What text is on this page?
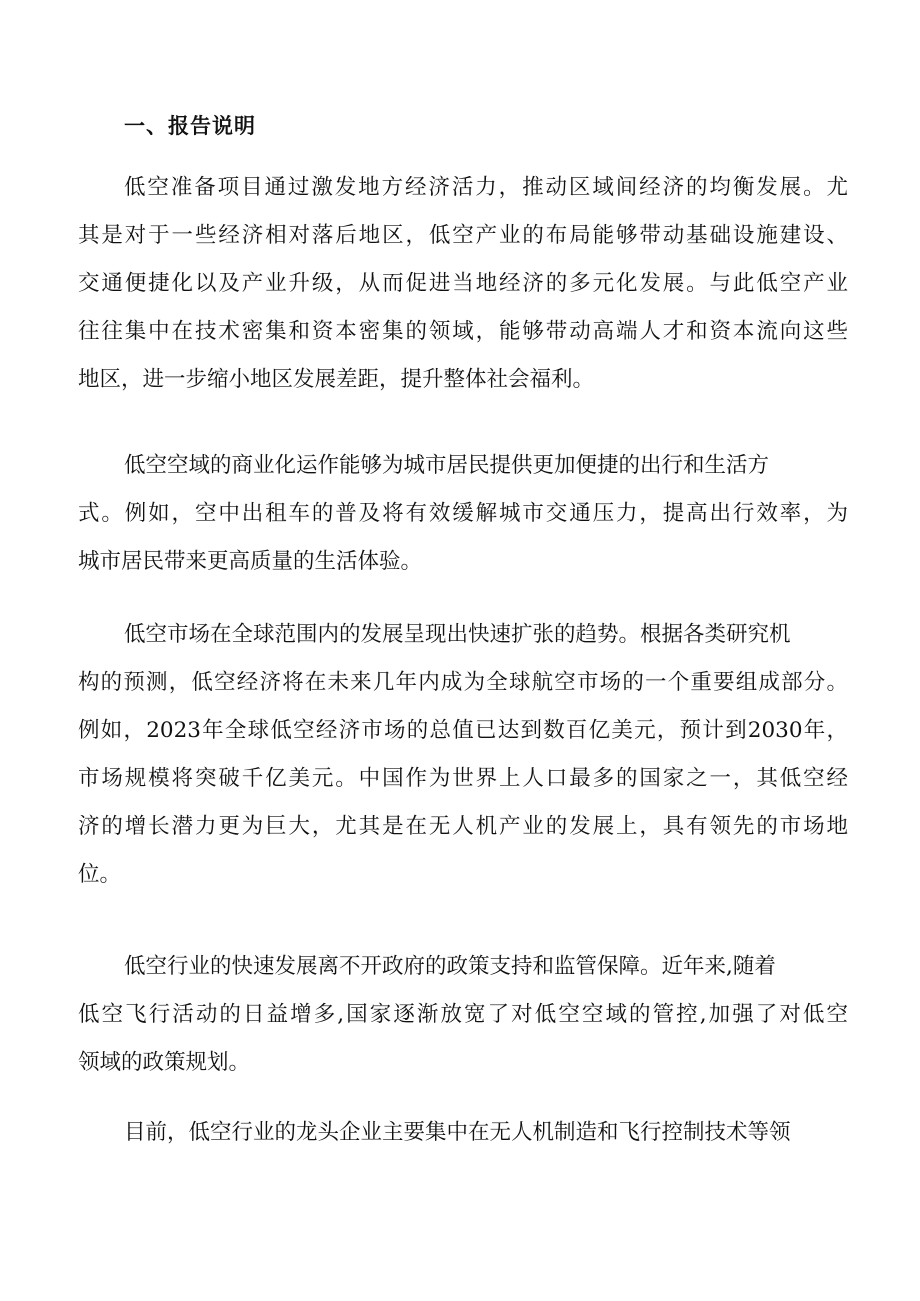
一、报告说明
低空准备项目通过激发地方经济活力，推动区域间经济的均衡发展。尤
其是对于一些经济相对落后地区，低空产业的布局能够带动基础设施建设、
交通便捷化以及产业升级，从而促进当地经济的多元化发展。与此低空产业
往往集中在技术密集和资本密集的领域，能够带动高端人才和资本流向这些
地区，进一步缩小地区发展差距，提升整体社会福利。
低空空域的商业化运作能够为城市居民提供更加便捷的出行和生活方
式。例如，空中出租车的普及将有效缓解城市交通压力，提高出行效率，为
城市居民带来更高质量的生活体验。
低空市场在全球范围内的发展呈现出快速扩张的趋势。根据各类研究机
构的预测，低空经济将在未来几年内成为全球航空市场的一个重要组成部分。
例如，2023年全球低空经济市场的总值已达到数百亿美元，预计到2030年，
市场规模将突破千亿美元。中国作为世界上人口最多的国家之一，其低空经
济的增长潜力更为巨大，尤其是在无人机产业的发展上，具有领先的市场地
位。
低空行业的快速发展离不开政府的政策支持和监管保障。近年来,随着
低空飞行活动的日益增多,国家逐渐放宽了对低空空域的管控,加强了对低空
领域的政策规划。
目前，低空行业的龙头企业主要集中在无人机制造和飞行控制技术等领
